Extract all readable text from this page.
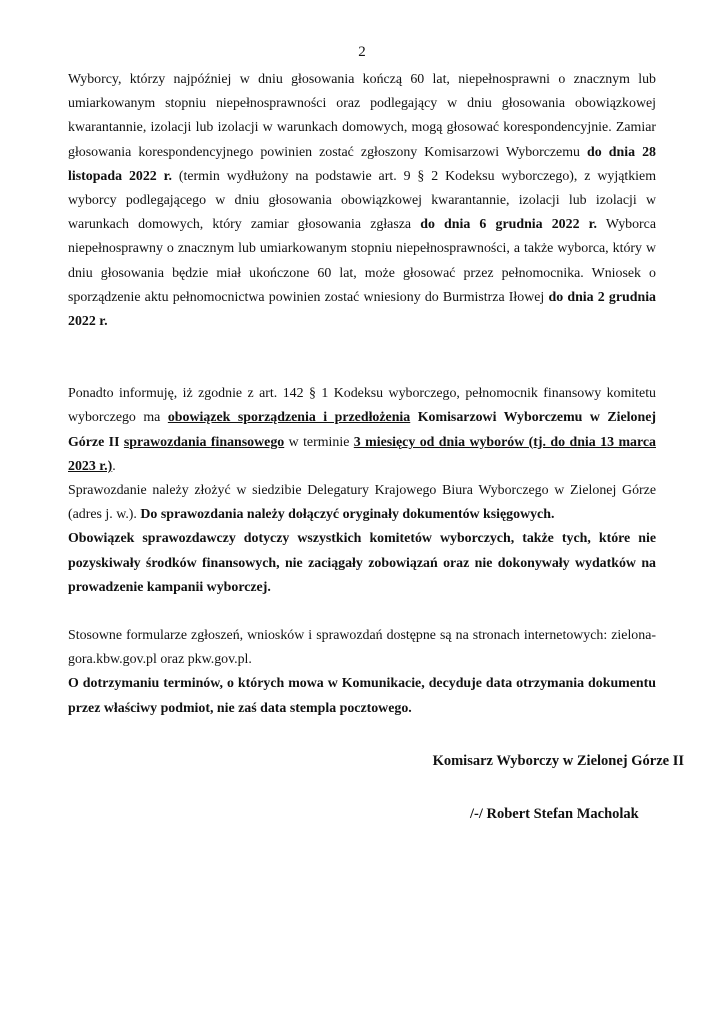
2

Wyborcy, którzy najpóźniej w dniu głosowania kończą 60 lat, niepełnosprawni o znacznym lub umiarkowanym stopniu niepełnosprawności oraz podlegający w dniu głosowania obowiązkowej kwarantannie, izolacji lub izolacji w warunkach domowych, mogą głosować korespondencyjnie. Zamiar głosowania korespondencyjnego powinien zostać zgłoszony Komisarzowi Wyborczemu do dnia 28 listopada 2022 r. (termin wydłużony na podstawie art. 9 § 2 Kodeksu wyborczego), z wyjątkiem wyborcy podlegającego w dniu głosowania obowiązkowej kwarantannie, izolacji lub izolacji w warunkach domowych, który zamiar głosowania zgłasza do dnia 6 grudnia 2022 r. Wyborca niepełnosprawny o znacznym lub umiarkowanym stopniu niepełnosprawności, a także wyborca, który w dniu głosowania będzie miał ukończone 60 lat, może głosować przez pełnomocnika. Wniosek o sporządzenie aktu pełnomocnictwa powinien zostać wniesiony do Burmistrza Iłowej do dnia 2 grudnia 2022 r.

Ponadto informuję, iż zgodnie z art. 142 § 1 Kodeksu wyborczego, pełnomocnik finansowy komitetu wyborczego ma obowiązek sporządzenia i przedłożenia Komisarzowi Wyborczemu w Zielonej Górze II sprawozdania finansowego w terminie 3 miesięcy od dnia wyborów (tj. do dnia 13 marca 2023 r.).

Sprawozdanie należy złożyć w siedzibie Delegatury Krajowego Biura Wyborczego w Zielonej Górze (adres j. w.). Do sprawozdania należy dołączyć oryginały dokumentów księgowych.

Obowiązek sprawozdawczy dotyczy wszystkich komitetów wyborczych, także tych, które nie pozyskiwały środków finansowych, nie zaciągały zobowiązań oraz nie dokonywały wydatków na prowadzenie kampanii wyborczej.

Stosowne formularze zgłoszeń, wniosków i sprawozdań dostępne są na stronach internetowych: zielona-gora.kbw.gov.pl oraz pkw.gov.pl.

O dotrzymaniu terminów, o których mowa w Komunikacie, decyduje data otrzymania dokumentu przez właściwy podmiot, nie zaś data stempla pocztowego.

Komisarz Wyborczy w Zielonej Górze II
/-/ Robert Stefan Macholak
